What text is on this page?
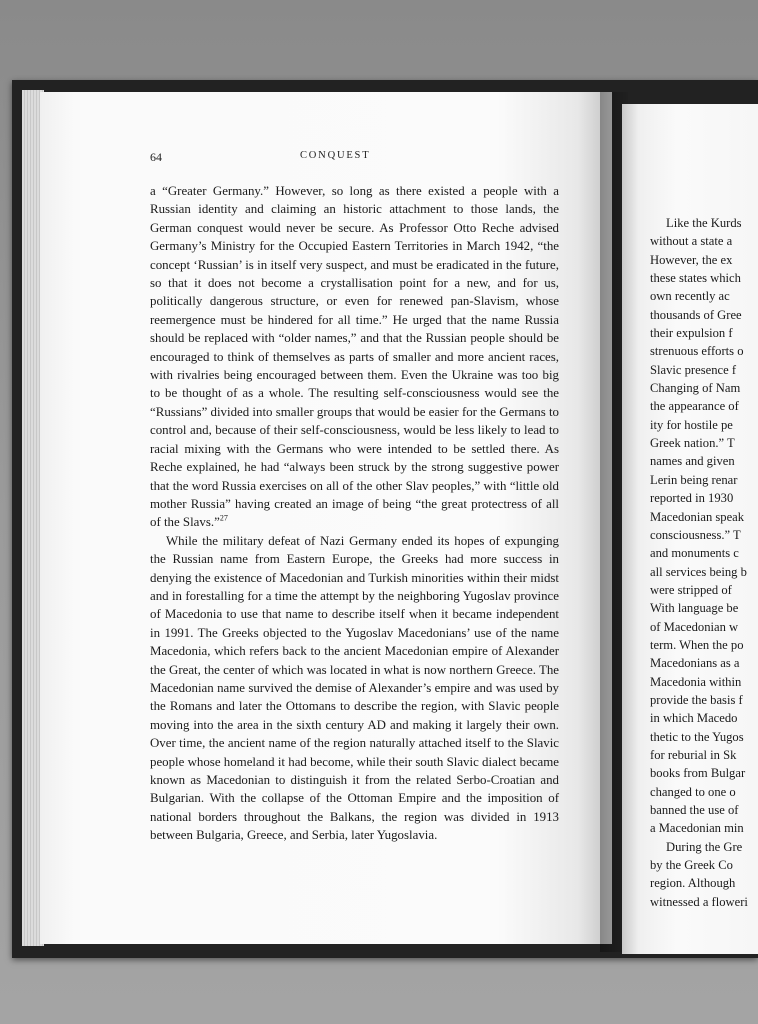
64	CONQUEST

a “Greater Germany.” However, so long as there existed a people with a Russian identity and claiming an historic attachment to those lands, the German conquest would never be secure. As Professor Otto Reche advised Germany’s Ministry for the Occupied Eastern Territories in March 1942, “the concept ‘Russian’ is in itself very suspect, and must be eradicated in the future, so that it does not become a crystallisation point for a new, and for us, politically dangerous structure, or even for renewed pan-Slavism, whose reemergence must be hindered for all time.” He urged that the name Russia should be replaced with “older names,” and that the Russian people should be encouraged to think of themselves as parts of smaller and more ancient races, with rivalries being encouraged between them. Even the Ukraine was too big to be thought of as a whole. The resulting self-consciousness would see the “Russians” divided into smaller groups that would be easier for the Germans to control and, because of their self-consciousness, would be less likely to lead to racial mixing with the Germans who were intended to be settled there. As Reche explained, he had “always been struck by the strong suggestive power that the word Russia exercises on all of the other Slav peoples,” with “little old mother Russia” having created an image of being “the great protectress of all of the Slavs.”$^{27}$

While the military defeat of Nazi Germany ended its hopes of expunging the Russian name from Eastern Europe, the Greeks had more success in denying the existence of Macedonian and Turkish minorities within their midst and in forestalling for a time the attempt by the neighboring Yugoslav province of Macedonia to use that name to describe itself when it became independent in 1991. The Greeks objected to the Yugoslav Macedonians’ use of the name Macedonia, which refers back to the ancient Macedonian empire of Alexander the Great, the center of which was located in what is now northern Greece. The Macedonian name survived the demise of Alexander’s empire and was used by the Romans and later the Ottomans to describe the region, with Slavic people moving into the area in the sixth century AD and making it largely their own. Over time, the ancient name of the region naturally attached itself to the Slavic people whose homeland it had become, while their south Slavic dialect became known as Macedonian to distinguish it from the related Serbo-Croatian and Bulgarian. With the collapse of the Ottoman Empire and the imposition of national borders throughout the Balkans, the region was divided in 1913 between Bulgaria, Greece, and Serbia, later Yugoslavia.

Like the Kurds
without a state a
However, the ex
these states which
own recently ac
thousands of Gree
their expulsion f
strenuous efforts o
Slavic presence f
Changing of Nam
the appearance of
ity for hostile pe
Greek nation.” T
names and given
Lerin being renar
reported in 1930
Macedonian speak
consciousness.” T
and monuments c
all services being b
were stripped of
With language be
of Macedonian w
term. When the po
Macedonians as a
Macedonia within
provide the basis f
in which Macedo
thetic to the Yugos
for reburial in Sk
books from Bulgar
changed to one o
banned the use of
a Macedonian min
During the Gre
by the Greek Co
region. Although
witnessed a floweri
